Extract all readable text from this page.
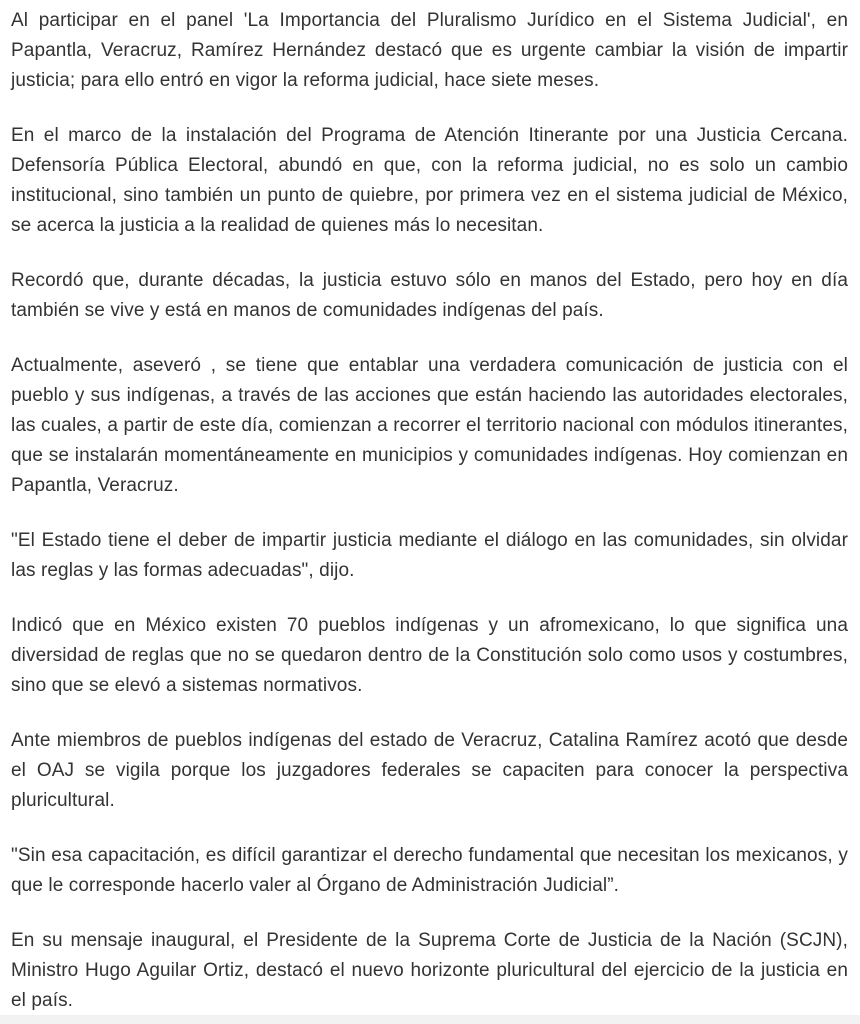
Al participar en el panel 'La Importancia del Pluralismo Jurídico en el Sistema Judicial', en Papantla, Veracruz, Ramírez Hernández destacó que es urgente cambiar la visión de impartir justicia; para ello entró en vigor la reforma judicial, hace siete meses.

En el marco de la instalación del Programa de Atención Itinerante por una Justicia Cercana. Defensoría Pública Electoral, abundó en que, con la reforma judicial, no es solo un cambio institucional, sino también un punto de quiebre, por primera vez en el sistema judicial de México, se acerca la justicia a la realidad de quienes más lo necesitan.

Recordó que, durante décadas, la justicia estuvo sólo en manos del Estado, pero hoy en día también se vive y está en manos de comunidades indígenas del país.

Actualmente, aseveró , se tiene que entablar una verdadera comunicación de justicia con el pueblo y sus indígenas, a través de las acciones que están haciendo las autoridades electorales, las cuales, a partir de este día, comienzan a recorrer el territorio nacional con módulos itinerantes, que se instalarán momentáneamente en municipios y comunidades indígenas. Hoy comienzan en Papantla, Veracruz.

"El Estado tiene el deber de impartir justicia mediante el diálogo en las comunidades, sin olvidar las reglas y las formas adecuadas", dijo.

Indicó que en México existen 70 pueblos indígenas y un afromexicano, lo que significa una diversidad de reglas que no se quedaron dentro de la Constitución solo como usos y costumbres, sino que se elevó a sistemas normativos.

Ante miembros de pueblos indígenas del estado de Veracruz, Catalina Ramírez acotó que desde el OAJ se vigila porque los juzgadores federales se capaciten para conocer la perspectiva pluricultural.

"Sin esa capacitación, es difícil garantizar el derecho fundamental que necesitan los mexicanos, y que le corresponde hacerlo valer al Órgano de Administración Judicial”.

En su mensaje inaugural, el Presidente de la Suprema Corte de Justicia de la Nación (SCJN), Ministro Hugo Aguilar Ortiz, destacó el nuevo horizonte pluricultural del ejercicio de la justicia en el país.
